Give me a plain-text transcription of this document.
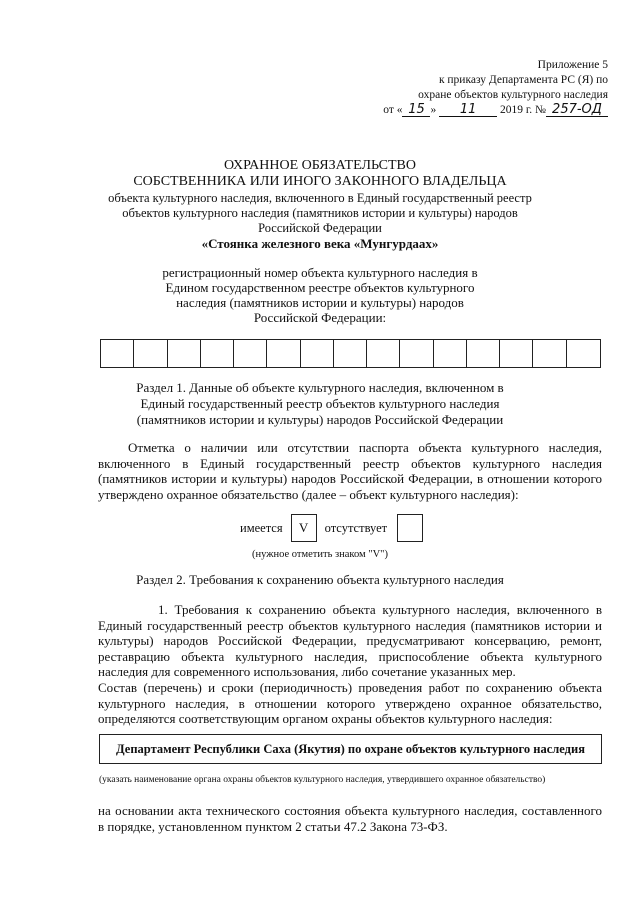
Приложение 5
к приказу Департамента РС (Я) по
охране объектов культурного наследия
от « 15 » 11 2019 г. № 257-ОД
ОХРАННОЕ ОБЯЗАТЕЛЬСТВО
СОБСТВЕННИКА ИЛИ ИНОГО ЗАКОННОГО ВЛАДЕЛЬЦА
объекта культурного наследия, включенного в Единый государственный реестр объектов культурного наследия (памятников истории и культуры) народов Российской Федерации
«Стоянка железного века «Мунгурдаах»
регистрационный номер объекта культурного наследия в Едином государственном реестре объектов культурного наследия (памятников истории и культуры) народов Российской Федерации:
Раздел 1. Данные об объекте культурного наследия, включенном в Единый государственный реестр объектов культурного наследия (памятников истории и культуры) народов Российской Федерации
Отметка о наличии или отсутствии паспорта объекта культурного наследия, включенного в Единый государственный реестр объектов культурного наследия (памятников истории и культуры) народов Российской Федерации, в отношении которого утверждено охранное обязательство (далее – объект культурного наследия):
имеется	V	отсутствует
(нужное отметить знаком "V")
Раздел 2. Требования к сохранению объекта культурного наследия
1. Требования к сохранению объекта культурного наследия, включенного в Единый государственный реестр объектов культурного наследия (памятников истории и культуры) народов Российской Федерации, предусматривают консервацию, ремонт, реставрацию объекта культурного наследия, приспособление объекта культурного наследия для современного использования, либо сочетание указанных мер.
Состав (перечень) и сроки (периодичность) проведения работ по сохранению объекта культурного наследия, в отношении которого утверждено охранное обязательство, определяются соответствующим органом охраны объектов культурного наследия:
Департамент Республики Саха (Якутия) по охране объектов культурного наследия
(указать наименование органа охраны объектов культурного наследия, утвердившего охранное обязательство)
на основании акта технического состояния объекта культурного наследия, составленного в порядке, установленном пунктом 2 статьи 47.2 Закона 73-ФЗ.
